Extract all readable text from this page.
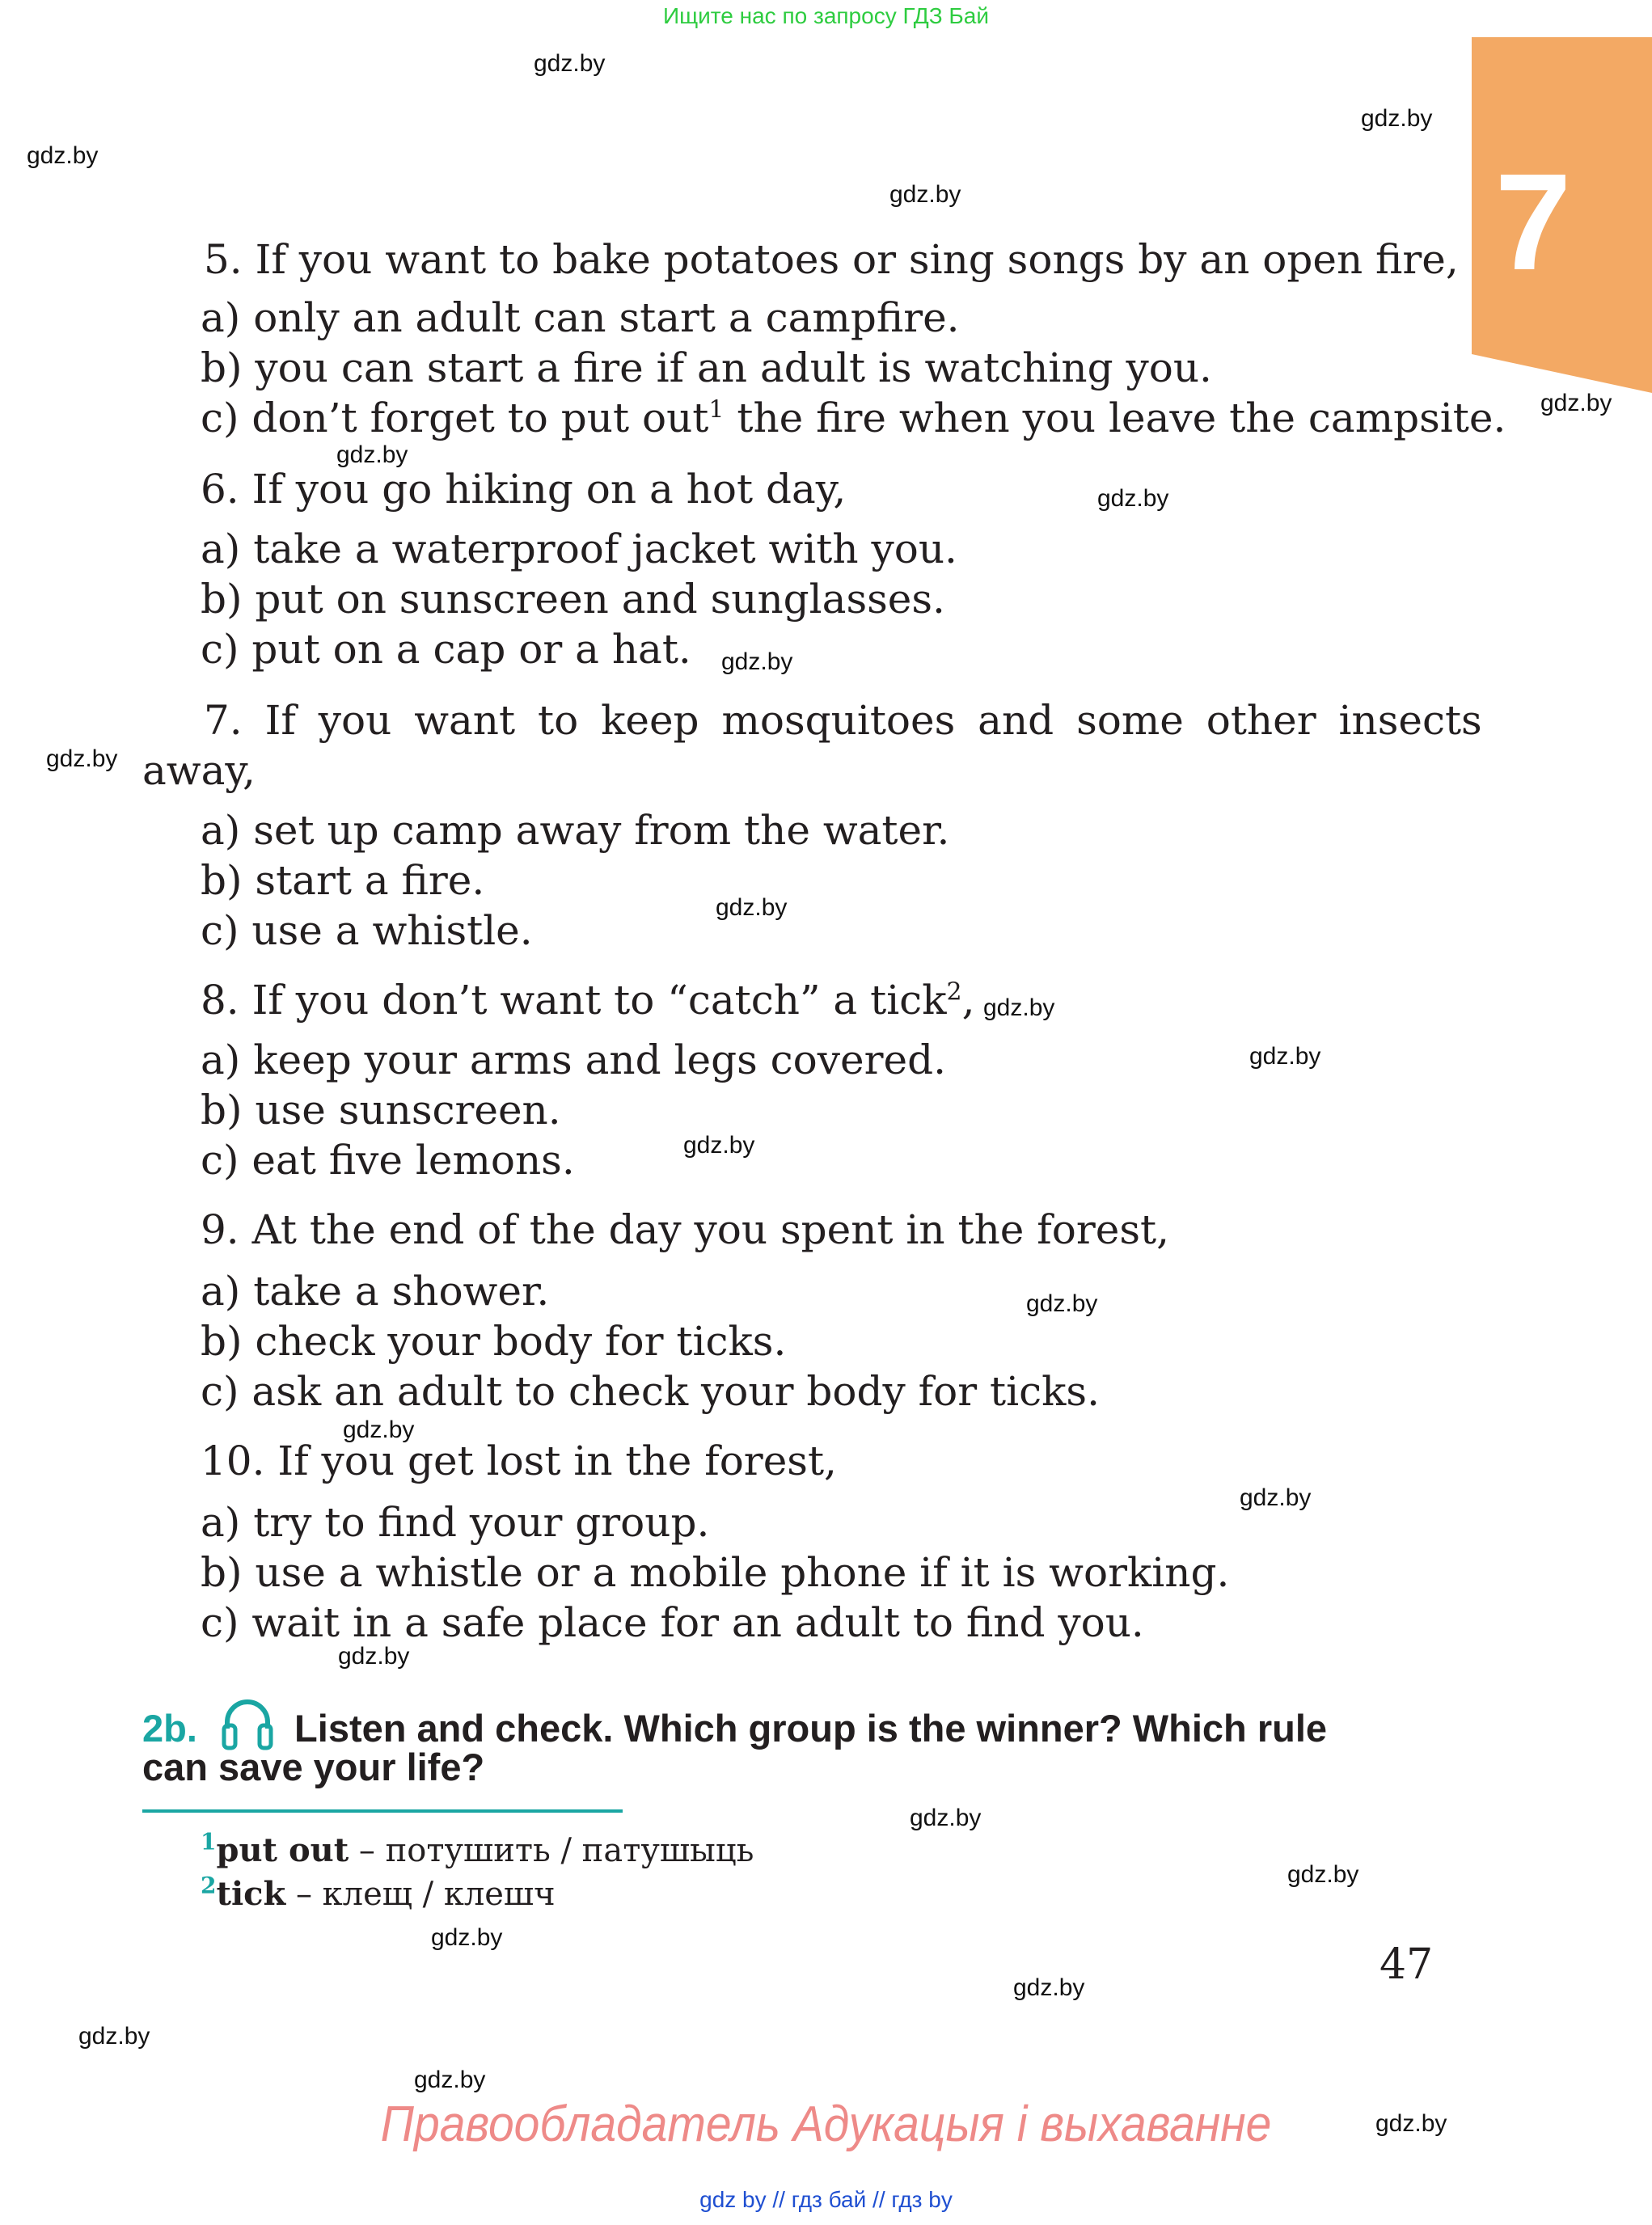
Ищите нас по запросу ГДЗ Бай
7
gdz.by
gdz.by
gdz.by
gdz.by
gdz.by
gdz.by
gdz.by
gdz.by
gdz.by
gdz.by
gdz.by
gdz.by
gdz.by
gdz.by
gdz.by
gdz.by
gdz.by
gdz.by
gdz.by
gdz.by
gdz.by
gdz.by
gdz.by
gdz.by
5. If you want to bake potatoes or sing songs by an open fire,
a) only an adult can start a campfire.
b) you can start a fire if an adult is watching you.
c) don’t forget to put out$^1$ the fire when you leave the campsite.
6. If you go hiking on a hot day,
a) take a waterproof jacket with you.
b) put on sunscreen and sunglasses.
c) put on a cap or a hat.
7. If you want to keep mosquitoes and some other insects
away,
a) set up camp away from the water.
b) start a fire.
c) use a whistle.
8. If you don’t want to “catch” a tick$^2$,
a) keep your arms and legs covered.
b) use sunscreen.
c) eat five lemons.
9. At the end of the day you spent in the forest,
a) take a shower.
b) check your body for ticks.
c) ask an adult to check your body for ticks.
10. If you get lost in the forest,
a) try to find your group.
b) use a whistle or a mobile phone if it is working.
c) wait in a safe place for an adult to find you.
2b.	Listen and check. Which group is the winner? Which rule
can save your life?
$^1$put out – потушить / патушыць
$^2$tick – клещ / клешч
47
Правообладатель Адукацыя і выхаванне
gdz by // гдз бай // гдз by
